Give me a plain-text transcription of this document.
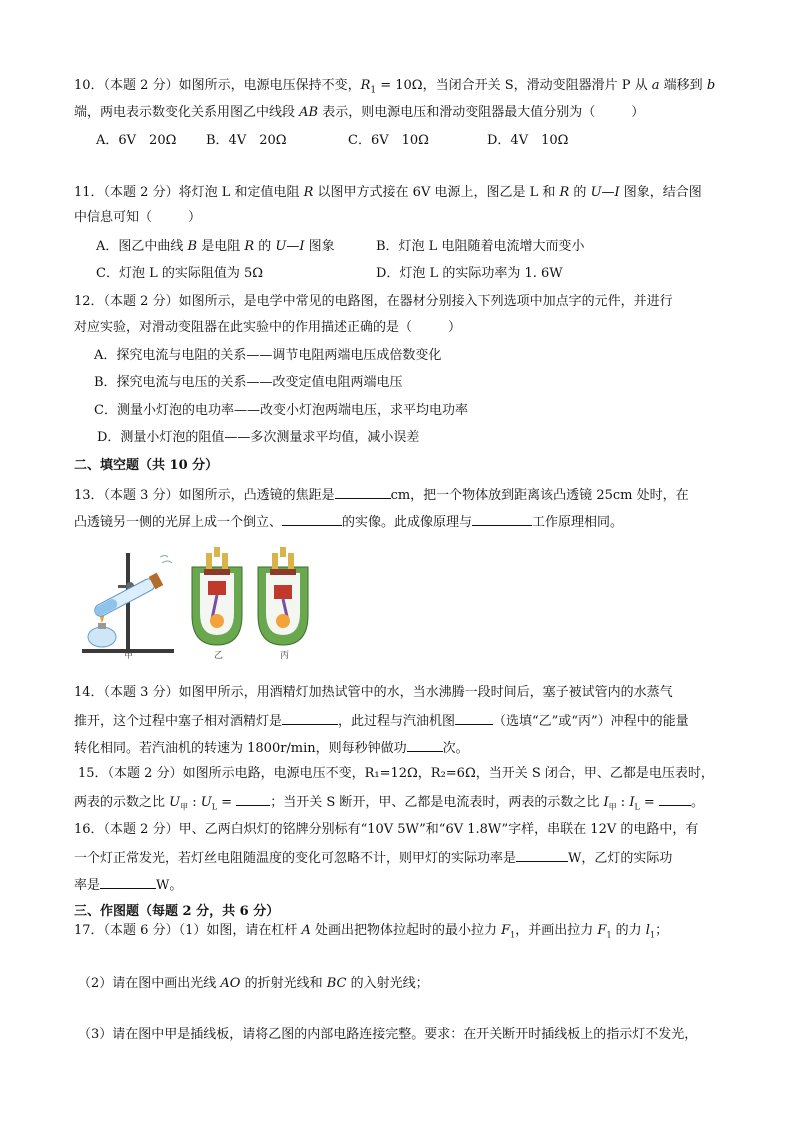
10．（本题 2 分）如图所示，电源电压保持不变，$R_1 = 10\Omega$，当闭合开关 S，滑动变阻器滑片 P 从 a 端移到 b
端，两电表示数变化关系用图乙中线段 AB 表示，则电源电压和滑动变阻器最大值分别为（	）
A．6V　20Ω B．4V　20Ω	C．6V　10Ω	D．4V　10Ω
11．（本题 2 分）将灯泡 L 和定值电阻 R 以图甲方式接在 6V 电源上，图乙是 L 和 R 的 U—I 图象，结合图
中信息可知（	）
A．图乙中曲线 B 是电阻 R 的 U—I 图象	B．灯泡 L 电阻随着电流增大而变小
C．灯泡 L 的实际阻值为 5Ω	D．灯泡 L 的实际功率为 1. 6W
12．（本题 2 分）如图所示，是电学中常见的电路图，在器材分别接入下列选项中加点字的元件，并进行
对应实验，对滑动变阻器在此实验中的作用描述正确的是（	）
A．探究电流与电阻的关系——调节电阻两端电压成倍数变化
B．探究电流与电压的关系——改变定值电阻两端电压
C．测量小灯泡的电功率——改变小灯泡两端电压，求平均电功率
D．测量小灯泡的阻值——多次测量求平均值，减小误差
二、填空题（共 10 分）
13．（本题 3 分）如图所示，凸透镜的焦距是	cm，把一个物体放到距离该凸透镜 25cm 处时，在
凸透镜另一侧的光屏上成一个倒立、	的实像。此成像原理与	工作原理相同。
甲	乙	丙
14．（本题 3 分）如图甲所示，用酒精灯加热试管中的水，当水沸腾一段时间后，塞子被试管内的水蒸气
推开，这个过程中塞子相对酒精灯是	，此过程与汽油机图	（选填“乙”或“丙”）冲程中的能量
转化相同。若汽油机的转速为 1800r/min，则每秒钟做功	次。
15．（本题 2 分）如图所示电路，电源电压不变，R₁=12Ω，R₂=6Ω，当开关 S 闭合，甲、乙都是电压表时，
两表的示数之比 $U_甲$ : $U_L$ =	；当开关 S 断开，甲、乙都是电流表时，两表的示数之比 $I_甲$ : $I_L$ = 。
16．（本题 2 分）甲、乙两白炽灯的铭牌分别标有“10V 5W”和“6V 1.8W”字样，串联在 12V 的电路中，有
一个灯正常发光，若灯丝电阻随温度的变化可忽略不计，则甲灯的实际功率是	W，乙灯的实际功
率是	W。
三、作图题（每题 2 分，共 6 分）
17．（本题 6 分）（1）如图，请在杠杆 A 处画出把物体拉起时的最小拉力 $F_1$，并画出拉力 $F_1$ 的力 $l_1$；
（2）请在图中画出光线 AO 的折射光线和 BC 的入射光线；
（3）请在图中甲是插线板，请将乙图的内部电路连接完整。要求：在开关断开时插线板上的指示灯不发光，
